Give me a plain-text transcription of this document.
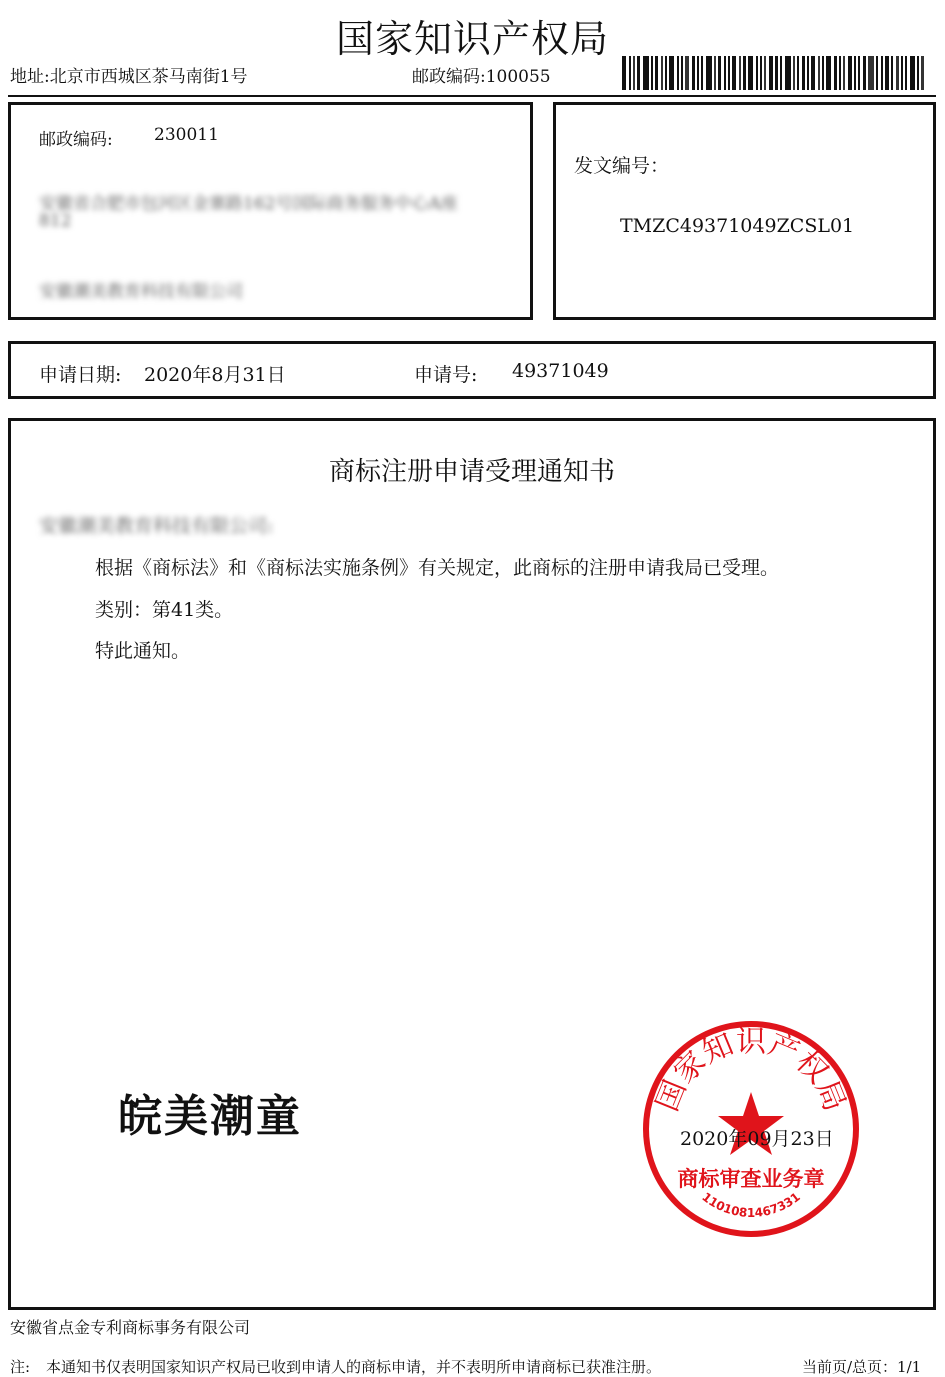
国家知识产权局
地址:北京市西城区茶马南街1号	邮政编码:100055
邮政编码: 230011
安徽省合肥市包河区金寨路162号国际商务服务中心A座
812
安徽潮美教育科技有限公司
发文编号：
TMZC49371049ZCSL01
申请日期: 2020年8月31日	申请号: 49371049
商标注册申请受理通知书
安徽潮美教育科技有限公司:
根据《商标法》和《商标法实施条例》有关规定，此商标的注册申请我局已受理。
类别：第41类。
特此通知。
皖美潮童	国家知识产权局
商标审查业务章
1101081467331
2020年09月23日
安徽省点金专利商标事务有限公司
注: 本通知书仅表明国家知识产权局已收到申请人的商标申请，并不表明所申请商标已获准注册。	当前页/总页：1/1
